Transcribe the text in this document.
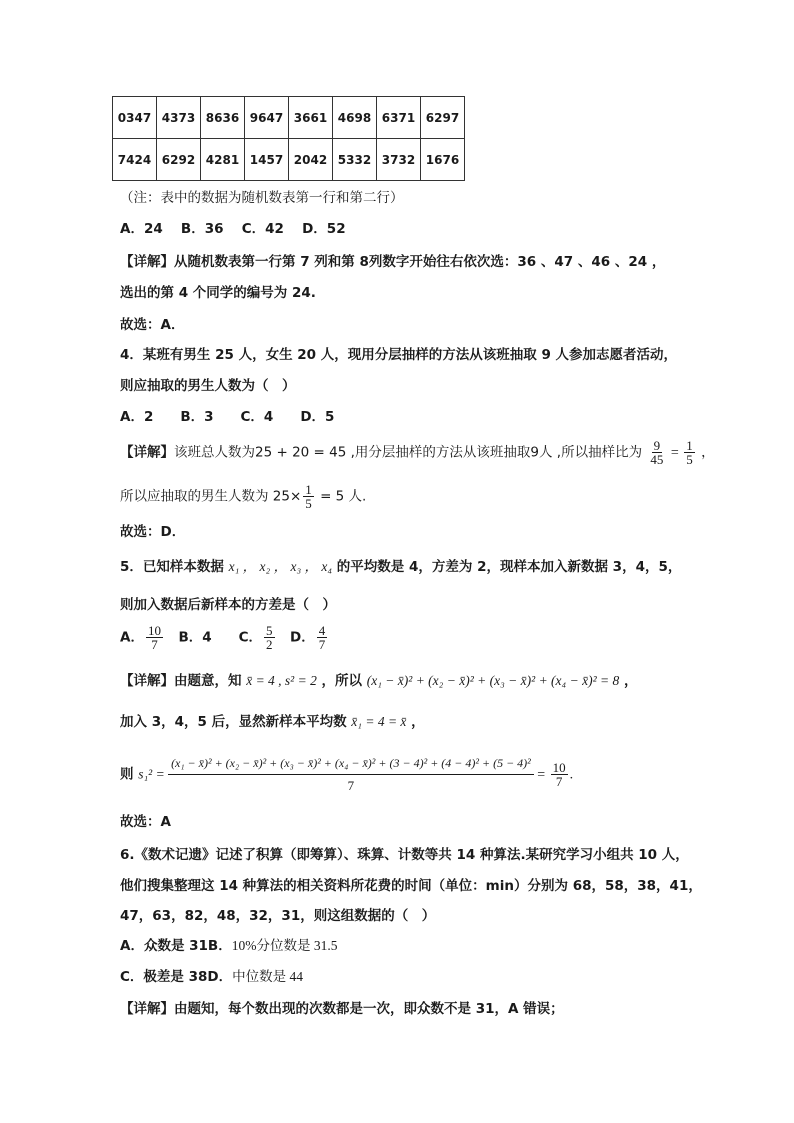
0347	4373	8636	9647	3661	4698	6371	6297
7424	6292	4281	1457	2042	5332	3732	1676
（注：表中的数据为随机数表第一行和第二行）
A．24　 B．36　 C．42　 D．52
【详解】从随机数表第一行第 7 列和第 8列数字开始往右依次选：36 、47 、46 、24 ，
选出的第 4 个同学的编号为 24.
故选：A．
4．某班有男生 25 人，女生 20 人，现用分层抽样的方法从该班抽取 9 人参加志愿者活动，
则应抽取的男生人数为（　）
A．2　　B．3　　C．4　　D．5
【详解】该班总人数为25 + 20 = 45 ,用分层抽样的方法从该班抽取9人 ,所以抽样比为 $\frac{9}{45} = \frac{1}{5}$ ，
所以应抽取的男生人数为 $25\times \frac{1}{5} = 5$ 人.
故选：D．
5．已知样本数据 x₁ ， x₂ ， x₃ ， x₄ 的平均数是 4，方差为 2，现样本加入新数据 3，4，5，
则加入数据后新样本的方差是（　）
A． $\frac{10}{7}$ 　B．4　　C． $\frac{5}{2}$ 　D． $\frac{4}{7}$
【详解】由题意，知 x̄ = 4 , s² = 2 ，所以 (x₁ − x̄)² + (x₂ − x̄)² + (x₃ − x̄)² + (x₄ − x̄)² = 8 ，
加入 3，4，5 后，显然新样本平均数 x̄₁ = 4 = x̄ ，
则 s₁² =
(x₁ − x̄)² + (x₂ − x̄)² + (x₃ − x̄)² + (x₄ − x̄)² + (3 − 4)² + (4 − 4)² + (5 − 4)²
7
= $\frac{10}{7}$ .
故选：A
6.《数术记遗》记述了积算（即筹算）、珠算、计数等共 14 种算法.某研究学习小组共 10 人，
他们搜集整理这 14 种算法的相关资料所花费的时间（单位：min）分别为 68，58，38，41，
47，63，82，48，32，31，则这组数据的（　）
A．众数是 31B．10%分位数是 31.5
C．极差是 38D．中位数是 44
【详解】由题知，每个数出现的次数都是一次，即众数不是 31，A 错误；
